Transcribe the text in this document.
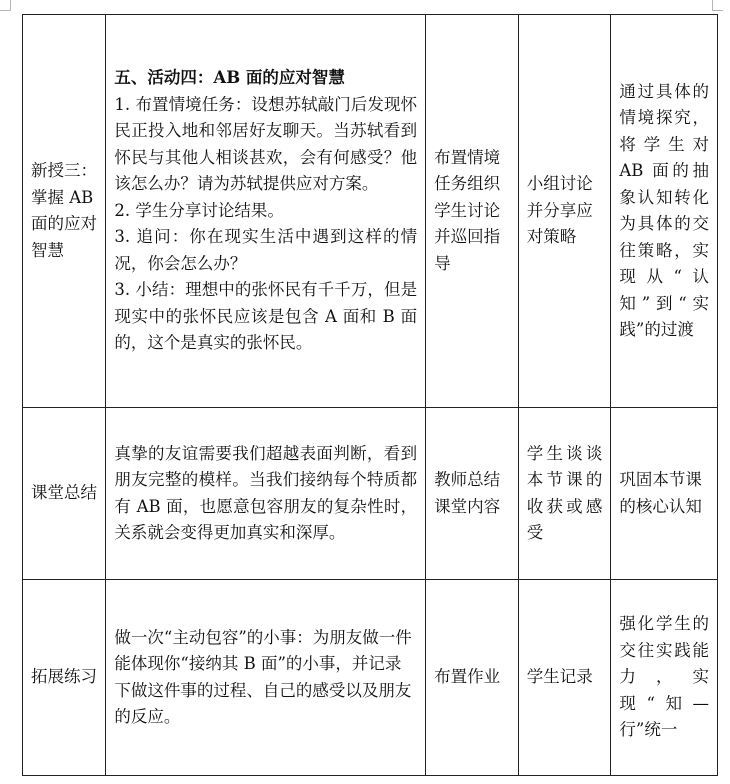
新授三：掌握 AB 面的应对智慧	五、活动四：AB 面的应对智慧
1. 布置情境任务：设想苏轼敲门后发现怀民正投入地和邻居好友聊天。当苏轼看到怀民与其他人相谈甚欢，会有何感受？他该怎么办？请为苏轼提供应对方案。
2. 学生分享讨论结果。
3. 追问：你在现实生活中遇到这样的情况，你会怎么办？
3. 小结：理想中的张怀民有千千万，但是现实中的张怀民应该是包含 A 面和 B 面的，这个是真实的张怀民。	布置情境任务组织学生讨论并巡回指导	小组讨论并分享应对策略	通过具体的情境探究，将学生对 AB 面的抽象认知转化为具体的交往策略，实现从“认知”到“实践”的过渡
课堂总结	真挚的友谊需要我们超越表面判断，看到朋友完整的模样。当我们接纳每个特质都有 AB 面，也愿意包容朋友的复杂性时，关系就会变得更加真实和深厚。	教师总结课堂内容	学生谈谈本节课的收获或感受	巩固本节课的核心认知
拓展练习	做一次“主动包容”的小事：为朋友做一件能体现你“接纳其 B 面”的小事，并记录下做这件事的过程、自己的感受以及朋友的反应。	布置作业	学生记录	强化学生的交往实践能力，实现“知—行”统一
